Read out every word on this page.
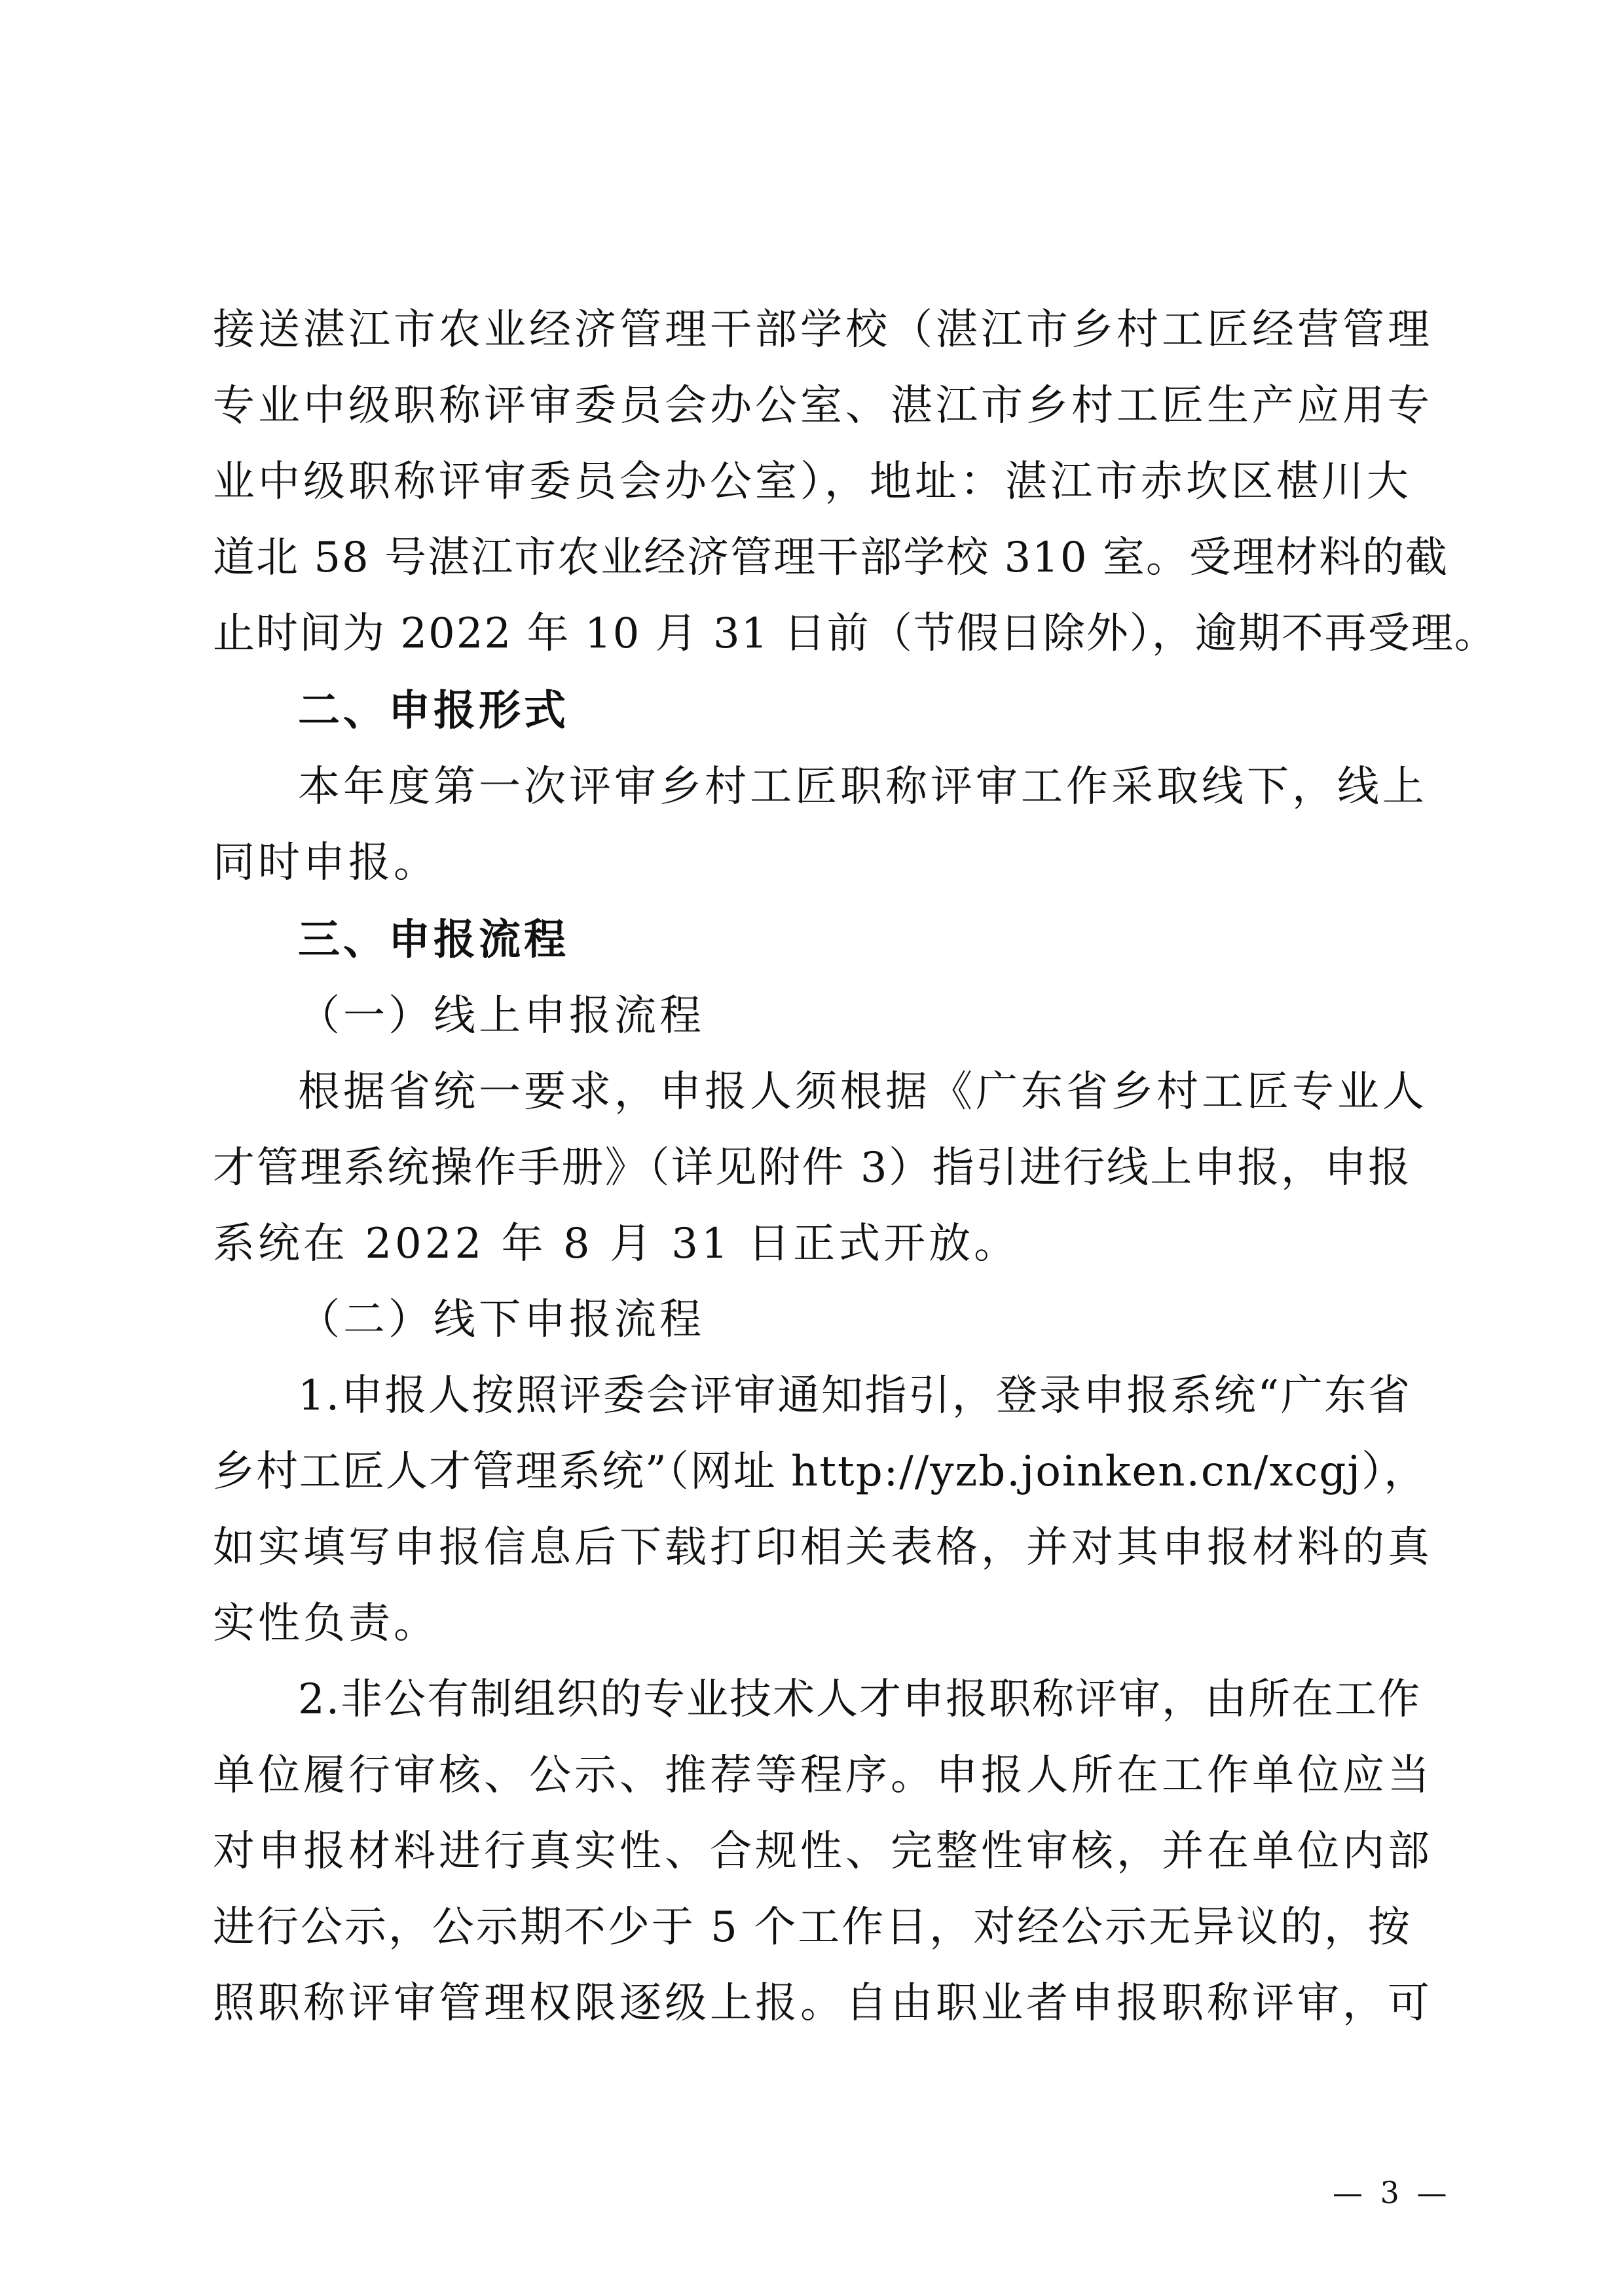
接送湛江市农业经济管理干部学校（湛江市乡村工匠经营管理
专业中级职称评审委员会办公室、湛江市乡村工匠生产应用专
业中级职称评审委员会办公室），地址：湛江市赤坎区椹川大
道北 58 号湛江市农业经济管理干部学校 310 室。受理材料的截
止时间为 2022 年 10 月 31 日前（节假日除外），逾期不再受理。
二、申报形式
本年度第一次评审乡村工匠职称评审工作采取线下，线上
同时申报。
三、申报流程
（一）线上申报流程
根据省统一要求，申报人须根据《广东省乡村工匠专业人
才管理系统操作手册》（详见附件 3）指引进行线上申报，申报
系统在 2022 年 8 月 31 日正式开放。
（二）线下申报流程
1.申报人按照评委会评审通知指引，登录申报系统“广东省
乡村工匠人才管理系统”（网址 http://yzb.joinken.cn/xcgj），
如实填写申报信息后下载打印相关表格，并对其申报材料的真
实性负责。
2.非公有制组织的专业技术人才申报职称评审，由所在工作
单位履行审核、公示、推荐等程序。申报人所在工作单位应当
对申报材料进行真实性、合规性、完整性审核，并在单位内部
进行公示，公示期不少于 5 个工作日，对经公示无异议的，按
照职称评审管理权限逐级上报。自由职业者申报职称评审，可
— 3 —
